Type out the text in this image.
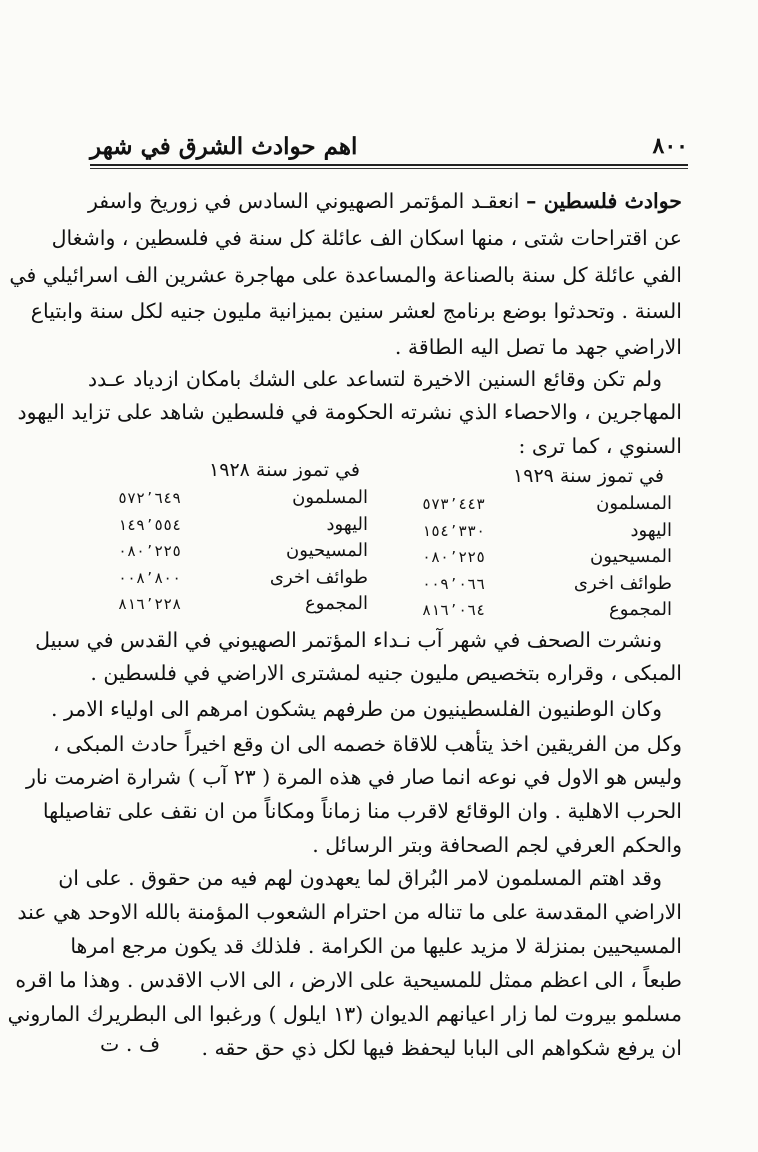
٨٠٠
اهم حوادث الشرق في شهر
حوادث فلسطين – انعقـد المؤتمر الصهيوني السادس في زوريخ واسفر
عن اقتراحات شتى ، منها اسكان الف عائلة كل سنة في فلسطين ، واشغال
الفي عائلة كل سنة بالصناعة والمساعدة على مهاجرة عشرين الف اسرائيلي في
السنة . وتحدثوا بوضع برنامج لعشر سنين بميزانية مليون جنيه لكل سنة وابتياع
الاراضي جهد ما تصل اليه الطاقة .
ولم تكن وقائع السنين الاخيرة لتساعد على الشك بامكان ازدياد عـدد
المهاجرين ، والاحصاء الذي نشرته الحكومة في فلسطين شاهد على تزايد اليهود
السنوي ، كما ترى :
في تموز سنة ١٩٢٩
المسلمون
٥٧٣٬٤٤٣
اليهود
١٥٤٬٣٣٠
المسيحيون
٠٨٠٬٢٢٥
طوائف اخرى
٠٠٩٬٠٦٦
المجموع
٨١٦٬٠٦٤
في تموز سنة ١٩٢٨
المسلمون
٥٧٢٬٦٤٩
اليهود
١٤٩٬٥٥٤
المسيحيون
٠٨٠٬٢٢٥
طوائف اخرى
٠٠٨٬٨٠٠
المجموع
٨١٦٬٢٢٨
ونشرت الصحف في شهر آب نـداء المؤتمر الصهيوني في القدس في سبيل
المبكى ، وقراره بتخصيص مليون جنيه لمشترى الاراضي في فلسطين .
وكان الوطنيون الفلسطينيون من طرفهم يشكون امرهم الى اولياء الامر .
وكل من الفريقين اخذ يتأهب للاقاة خصمه الى ان وقع اخيراً حادث المبكى ،
وليس هو الاول في نوعه انما صار في هذه المرة ( ٢٣ آب ) شرارة اضرمت نار
الحرب الاهلية . وان الوقائع لاقرب منا زماناً ومكاناً من ان نقف على تفاصيلها
والحكم العرفي لجم الصحافة وبتر الرسائل .
وقد اهتم المسلمون لامر البُراق لما يعهدون لهم فيه من حقوق . على ان
الاراضي المقدسة على ما تناله من احترام الشعوب المؤمنة بالله الاوحد هي عند
المسيحيين بمنزلة لا مزيد عليها من الكرامة . فلذلك قد يكون مرجع امرها
طبعاً ، الى اعظم ممثل للمسيحية على الارض ، الى الاب الاقدس . وهذا ما اقره
مسلمو بيروت لما زار اعيانهم الديوان (١٣ ايلول ) ورغبوا الى البطريرك الماروني
ان يرفع شكواهم الى البابا ليحفظ فيها لكل ذي حق حقه .
ف . ت
